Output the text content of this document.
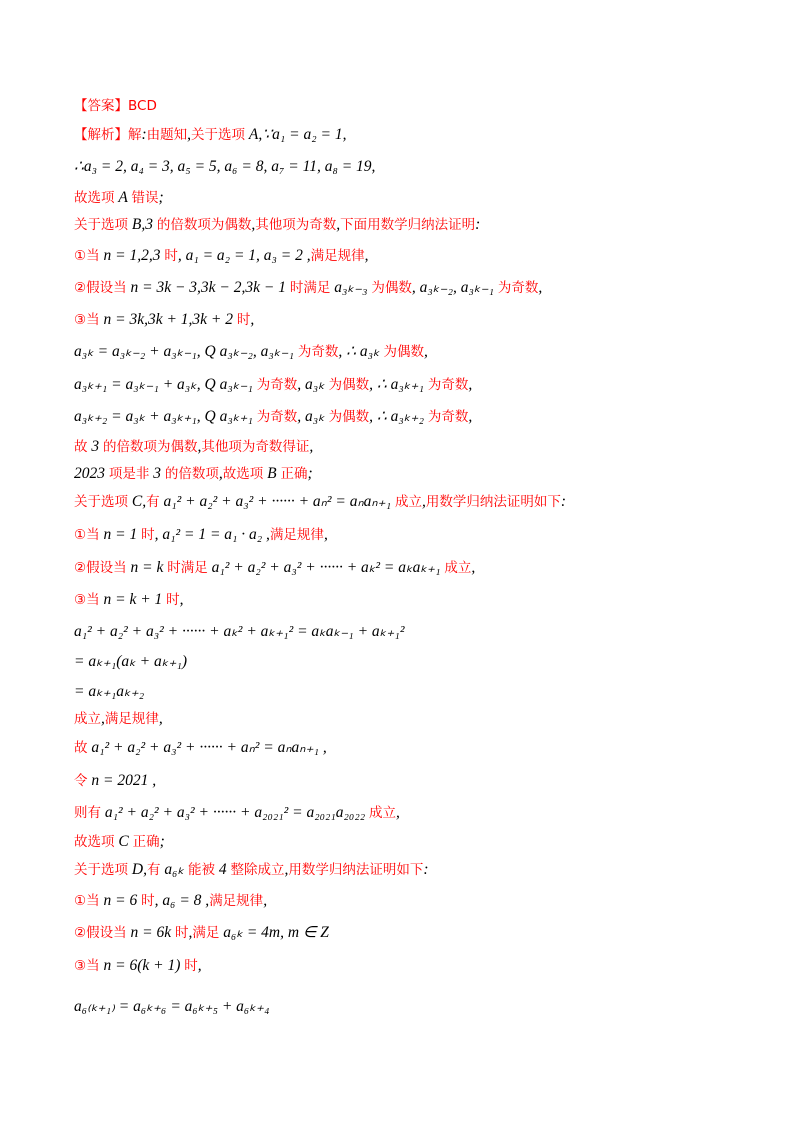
【答案】BCD
【解析】解:由题知,关于选项 A,∵a₁ = a₂ = 1,
∴a₃ = 2, a₄ = 3, a₅ = 5, a₆ = 8, a₇ = 11, a₈ = 19,
故选项 A 错误;
关于选项 B,3 的倍数项为偶数,其他项为奇数,下面用数学归纳法证明:
①当 n = 1,2,3 时, a₁ = a₂ = 1, a₃ = 2 ,满足规律,
②假设当 n = 3k − 3,3k − 2,3k − 1 时满足 a₃ₖ₋₃ 为偶数, a₃ₖ₋₂, a₃ₖ₋₁ 为奇数,
③当 n = 3k,3k + 1,3k + 2 时,
a₃ₖ = a₃ₖ₋₂ + a₃ₖ₋₁, Q a₃ₖ₋₂, a₃ₖ₋₁ 为奇数, ∴ a₃ₖ 为偶数,
a₃ₖ₊₁ = a₃ₖ₋₁ + a₃ₖ, Q a₃ₖ₋₁ 为奇数, a₃ₖ 为偶数, ∴ a₃ₖ₊₁ 为奇数,
a₃ₖ₊₂ = a₃ₖ + a₃ₖ₊₁, Q a₃ₖ₊₁ 为奇数, a₃ₖ 为偶数, ∴ a₃ₖ₊₂ 为奇数,
故 3 的倍数项为偶数,其他项为奇数得证,
2023 项是非 3 的倍数项,故选项 B 正确;
关于选项 C,有 a₁² + a₂² + a₃² + ······ + aₙ² = aₙaₙ₊₁ 成立,用数学归纳法证明如下:
①当 n = 1 时, a₁² = 1 = a₁ · a₂ ,满足规律,
②假设当 n = k 时满足 a₁² + a₂² + a₃² + ······ + aₖ² = aₖaₖ₊₁ 成立,
③当 n = k + 1 时,
a₁² + a₂² + a₃² + ······ + aₖ² + aₖ₊₁² = aₖaₖ₋₁ + aₖ₊₁²
= aₖ₊₁(aₖ + aₖ₊₁)
= aₖ₊₁aₖ₊₂
成立,满足规律,
故 a₁² + a₂² + a₃² + ······ + aₙ² = aₙaₙ₊₁ ,
令 n = 2021 ,
则有 a₁² + a₂² + a₃² + ······ + a₂₀₂₁² = a₂₀₂₁a₂₀₂₂ 成立,
故选项 C 正确;
关于选项 D,有 a₆ₖ 能被 4 整除成立,用数学归纳法证明如下:
①当 n = 6 时, a₆ = 8 ,满足规律,
②假设当 n = 6k 时,满足 a₆ₖ = 4m, m ∈ Z
③当 n = 6(k + 1) 时,
a₆₍ₖ₊₁₎ = a₆ₖ₊₆ = a₆ₖ₊₅ + a₆ₖ₊₄
